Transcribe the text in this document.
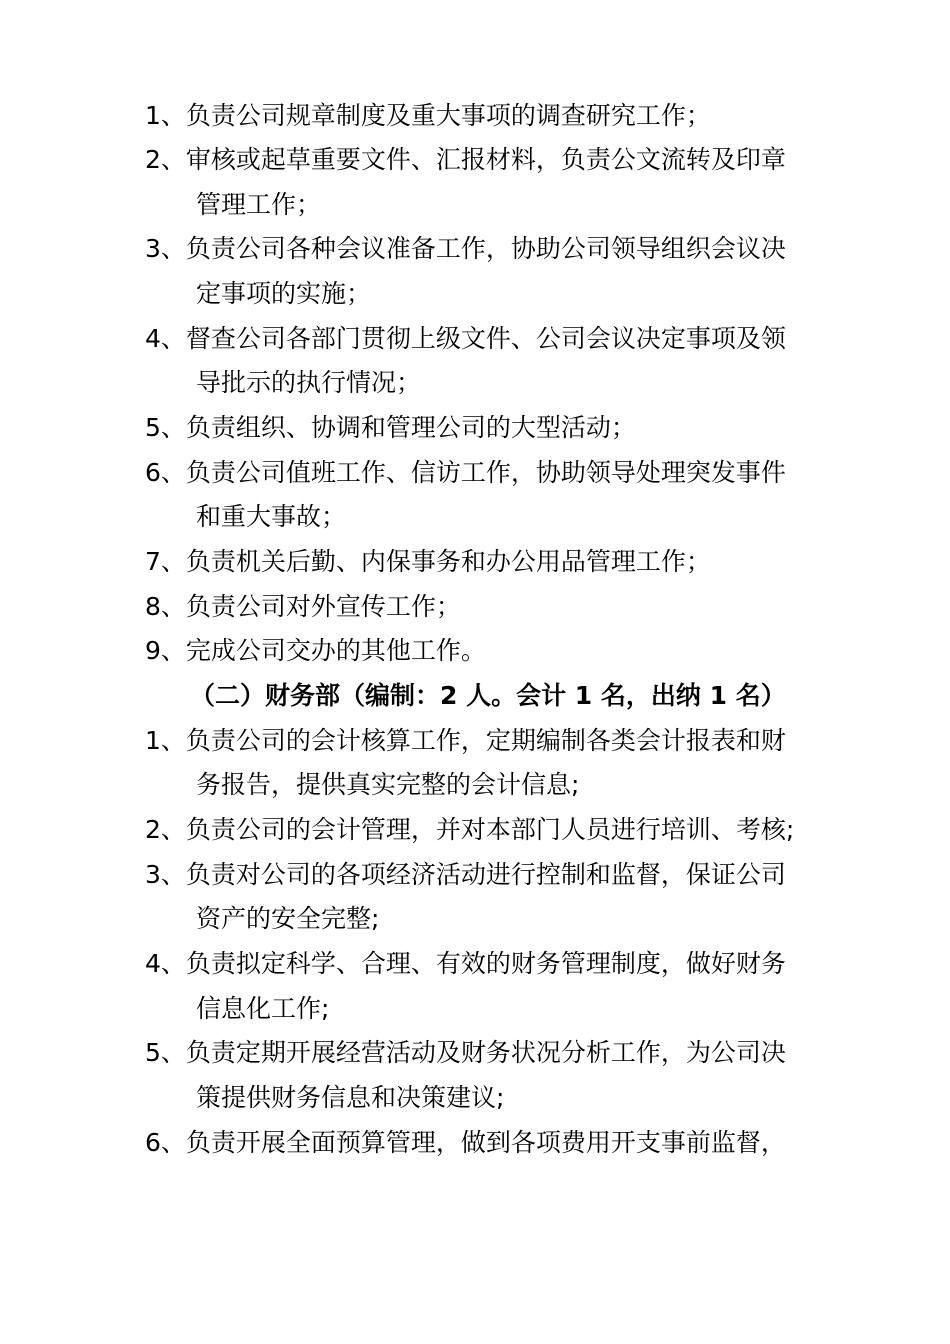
1、负责公司规章制度及重大事项的调查研究工作；
2、审核或起草重要文件、汇报材料，负责公文流转及印章
管理工作；
3、负责公司各种会议准备工作，协助公司领导组织会议决
定事项的实施；
4、督查公司各部门贯彻上级文件、公司会议决定事项及领
导批示的执行情况；
5、负责组织、协调和管理公司的大型活动；
6、负责公司值班工作、信访工作，协助领导处理突发事件
和重大事故；
7、负责机关后勤、内保事务和办公用品管理工作；
8、负责公司对外宣传工作；
9、完成公司交办的其他工作。
（二）财务部（编制：2 人。会计 1 名，出纳 1 名）
1、负责公司的会计核算工作，定期编制各类会计报表和财
务报告，提供真实完整的会计信息;
2、负责公司的会计管理，并对本部门人员进行培训、考核;
3、负责对公司的各项经济活动进行控制和监督，保证公司
资产的安全完整;
4、负责拟定科学、合理、有效的财务管理制度，做好财务
信息化工作;
5、负责定期开展经营活动及财务状况分析工作，为公司决
策提供财务信息和决策建议;
6、负责开展全面预算管理，做到各项费用开支事前监督，
